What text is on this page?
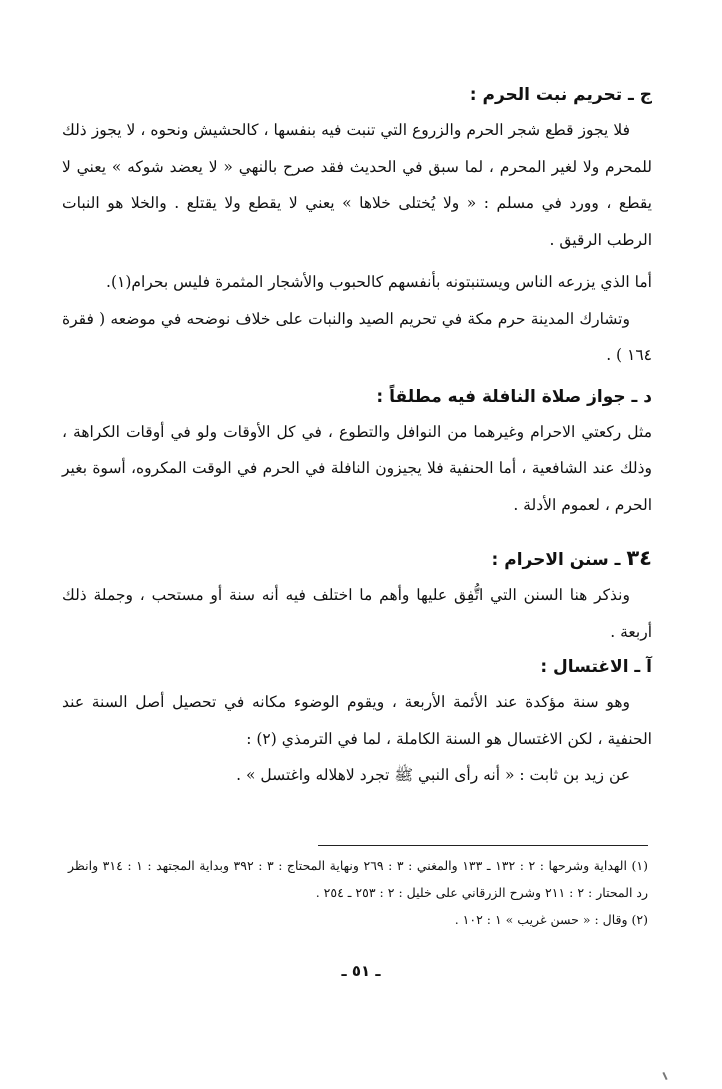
ج ـ تحريم نبت الحرم :

فلا يجوز قطع شجر الحرم والزروع التي تنبت فيه بنفسها ، كالحشيش ونحوه ، لا يجوز ذلك للمحرم ولا لغير المحرم ، لما سبق في الحديث فقد صرح بالنهي « لا يعضد شوكه » يعني لا يقطع ، وورد في مسلم : « ولا يُختلى خلاها » يعني لا يقطع ولا يقتلع . والخلا هو النبات الرطب الرقيق .

أما الذي يزرعه الناس ويستنبتونه بأنفسهم كالحبوب والأشجار المثمرة فليس بحرام(١).

وتشارك المدينة حرم مكة في تحريم الصيد والنبات على خلاف نوضحه في موضعه ( فقرة ١٦٤ ) .

د ـ جواز صلاة النافلة فيه مطلقاً :

مثل ركعتي الاحرام وغيرهما من النوافل والتطوع ، في كل الأوقات ولو في أوقات الكراهة ، وذلك عند الشافعية ، أما الحنفية فلا يجيزون النافلة في الحرم في الوقت المكروه، أسوة بغير الحرم ، لعموم الأدلة .

٣٤ ـ سنن الاحرام :

ونذكر هنا السنن التي اتُّفِق عليها وأهم ما اختلف فيه أنه سنة أو مستحب ، وجملة ذلك أربعة .

آ ـ الاغتسال :

وهو سنة مؤكدة عند الأئمة الأربعة ، ويقوم الوضوء مكانه في تحصيل أصل السنة عند الحنفية ، لكن الاغتسال هو السنة الكاملة ، لما في الترمذي (٢) :

عن زيد بن ثابت : « أنه رأى النبي ﷺ تجرد لاهلاله واغتسل » .

(١) الهداية وشرحها : ٢ : ١٣٢ ـ ١٣٣ والمغني : ٣ : ٢٦٩ ونهاية المحتاج : ٣ : ٣٩٢ وبداية المجتهد : ١ : ٣١٤ وانظر رد المحتار : ٢ : ٢١١ وشرح الزرقاني على خليل : ٢ : ٢٥٣ ـ ٢٥٤ .

(٢) وقال : « حسن غريب » ١ : ١٠٢ .

ـ ٥١ ـ
